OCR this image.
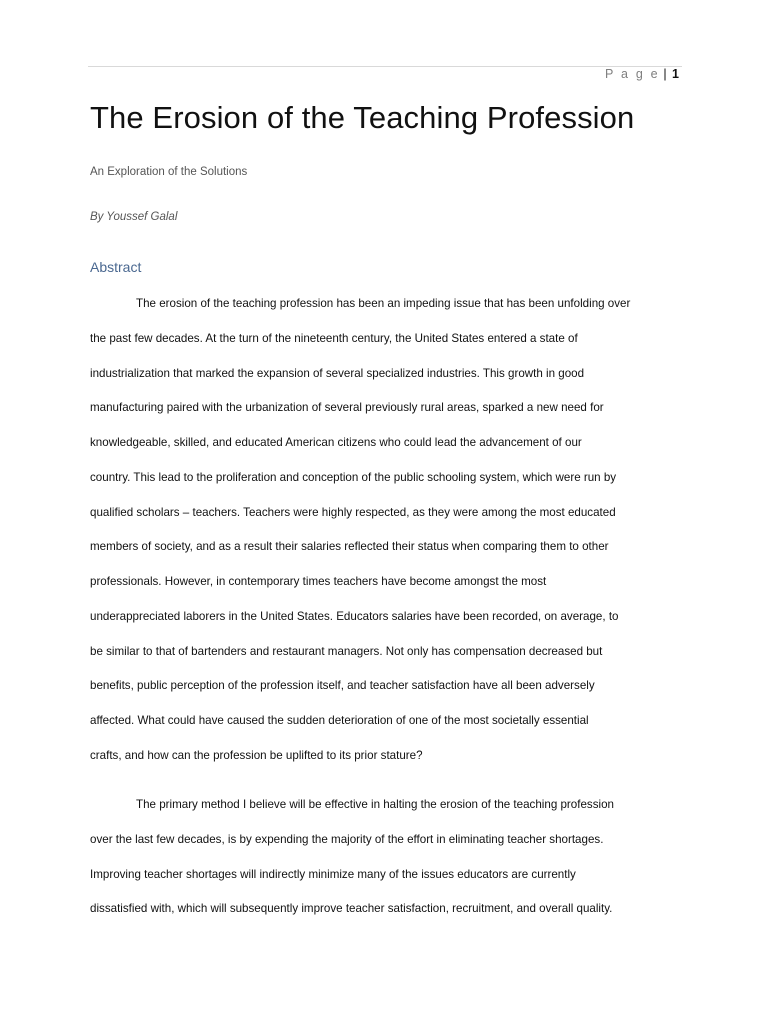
P a g e | 1
The Erosion of the Teaching Profession
An Exploration of the Solutions
By Youssef Galal
Abstract
The erosion of the teaching profession has been an impeding issue that has been unfolding over
the past few decades. At the turn of the nineteenth century, the United States entered a state of
industrialization that marked the expansion of several specialized industries. This growth in good
manufacturing paired with the urbanization of several previously rural areas, sparked a new need for
knowledgeable, skilled, and educated American citizens who could lead the advancement of our
country. This lead to the proliferation and conception of the public schooling system, which were run by
qualified scholars – teachers. Teachers were highly respected, as they were among the most educated
members of society, and as a result their salaries reflected their status when comparing them to other
professionals. However, in contemporary times teachers have become amongst the most
underappreciated laborers in the United States. Educators salaries have been recorded, on average, to
be similar to that of bartenders and restaurant managers. Not only has compensation decreased but
benefits, public perception of the profession itself, and teacher satisfaction have all been adversely
affected. What could have caused the sudden deterioration of one of the most societally essential
crafts, and how can the profession be uplifted to its prior stature?
The primary method I believe will be effective in halting the erosion of the teaching profession
over the last few decades, is by expending the majority of the effort in eliminating teacher shortages.
Improving teacher shortages will indirectly minimize many of the issues educators are currently
dissatisfied with, which will subsequently improve teacher satisfaction, recruitment, and overall quality.
